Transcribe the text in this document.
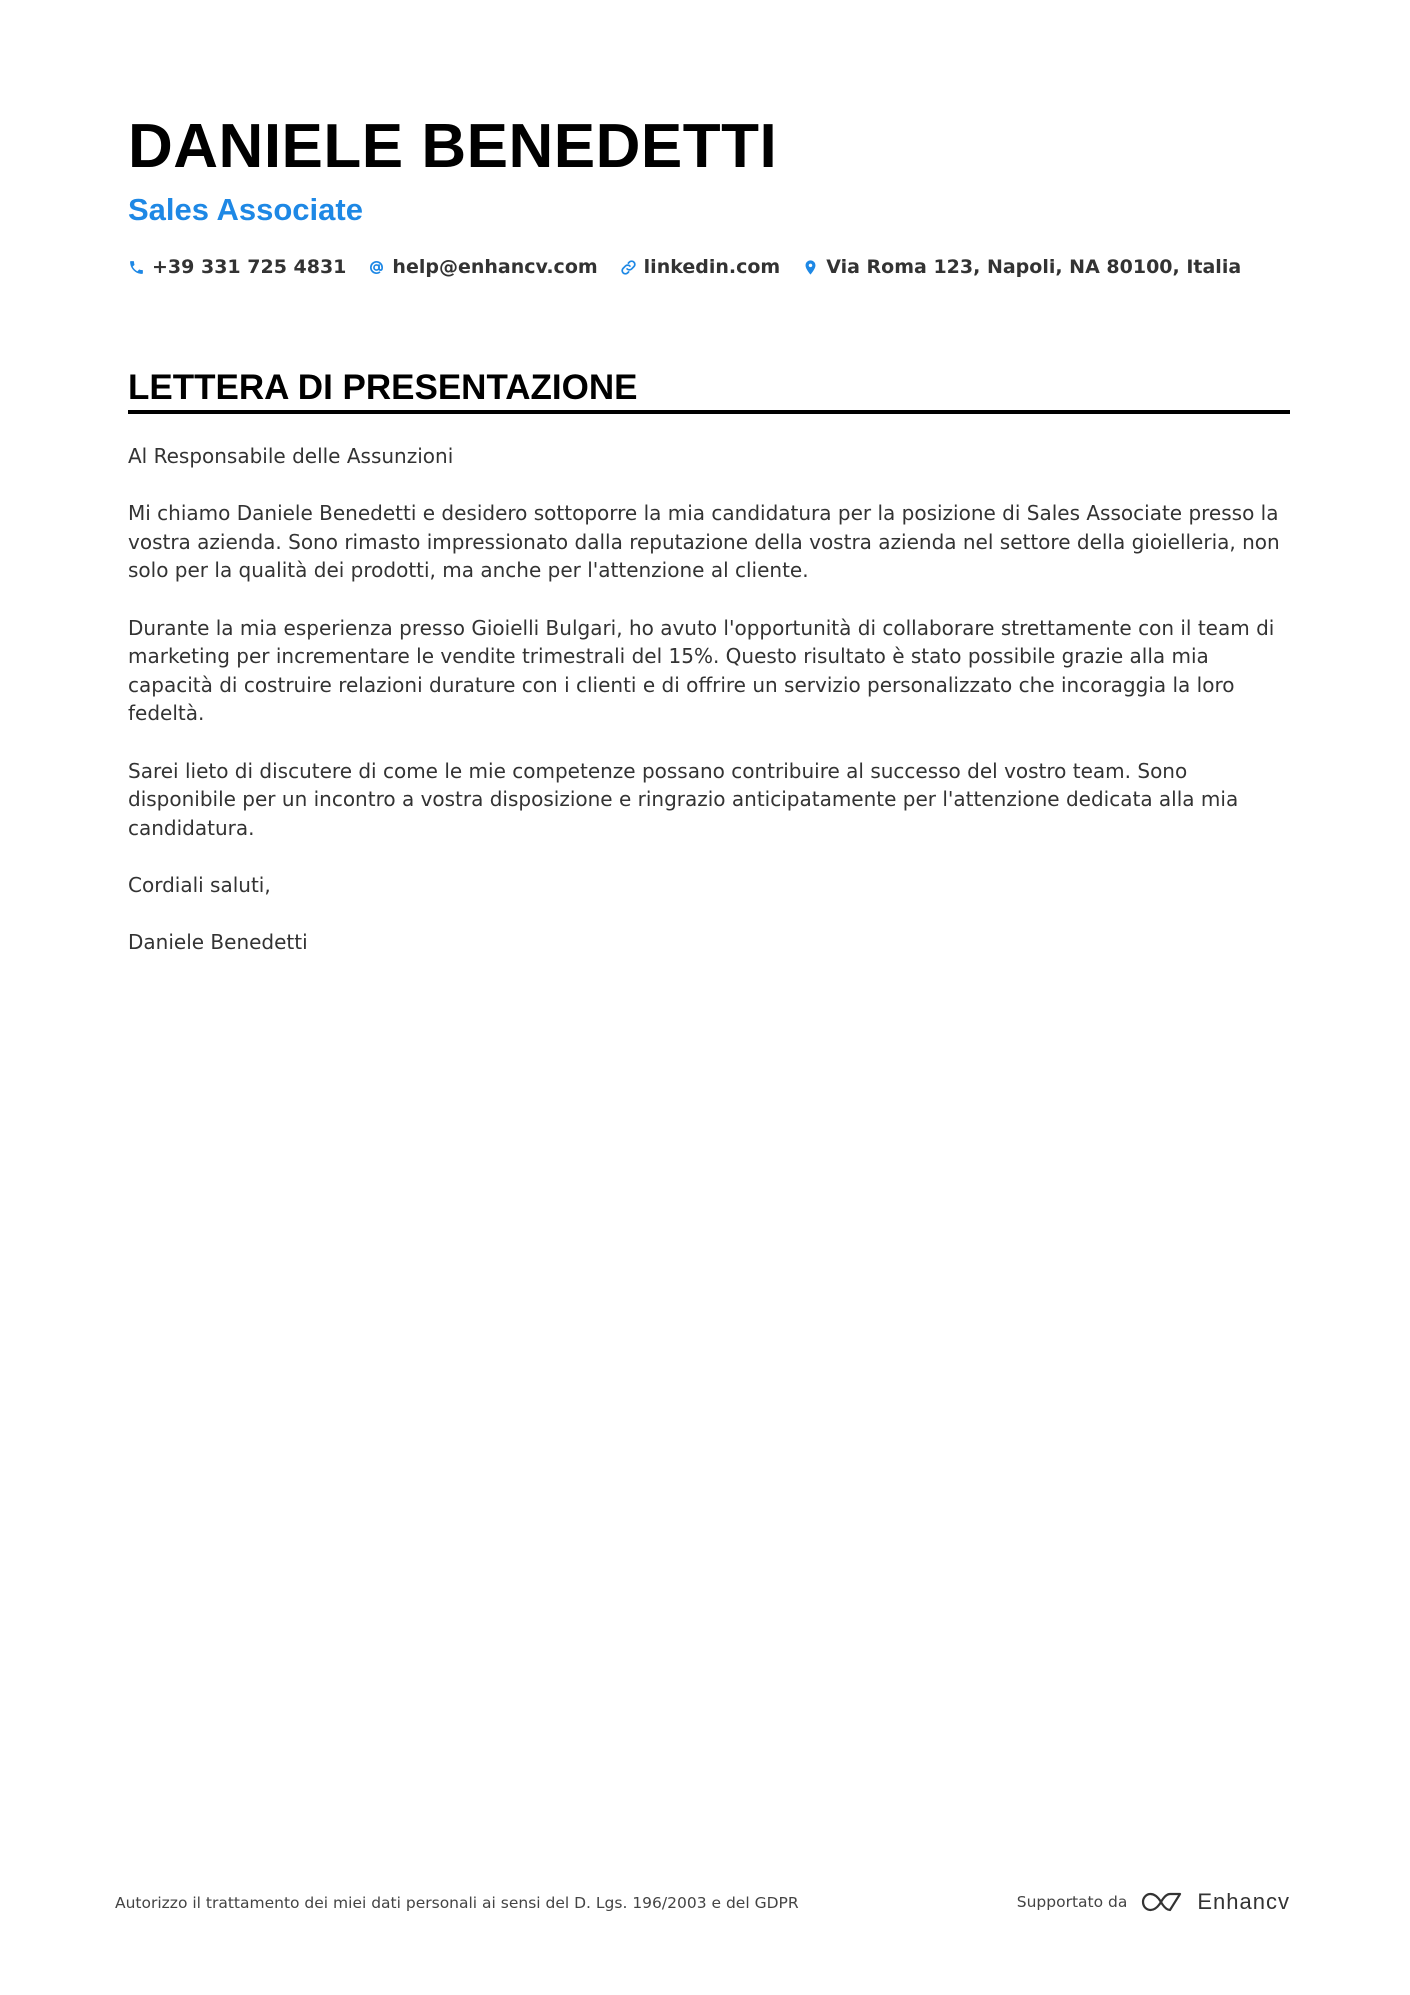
DANIELE BENEDETTI
Sales Associate
+39 331 725 4831 help@enhancv.com linkedin.com Via Roma 123, Napoli, NA 80100, Italia
LETTERA DI PRESENTAZIONE

Al Responsabile delle Assunzioni

Mi chiamo Daniele Benedetti e desidero sottoporre la mia candidatura per la posizione di Sales Associate presso la vostra azienda. Sono rimasto impressionato dalla reputazione della vostra azienda nel settore della gioielleria, non solo per la qualità dei prodotti, ma anche per l'attenzione al cliente.

Durante la mia esperienza presso Gioielli Bulgari, ho avuto l'opportunità di collaborare strettamente con il team di marketing per incrementare le vendite trimestrali del 15%. Questo risultato è stato possibile grazie alla mia capacità di costruire relazioni durature con i clienti e di offrire un servizio personalizzato che incoraggia la loro fedeltà.

Sarei lieto di discutere di come le mie competenze possano contribuire al successo del vostro team. Sono disponibile per un incontro a vostra disposizione e ringrazio anticipatamente per l'attenzione dedicata alla mia candidatura.

Cordiali saluti,

Daniele Benedetti

Autorizzo il trattamento dei miei dati personali ai sensi del D. Lgs. 196/2003 e del GDPR	Supportato da	Enhancv
